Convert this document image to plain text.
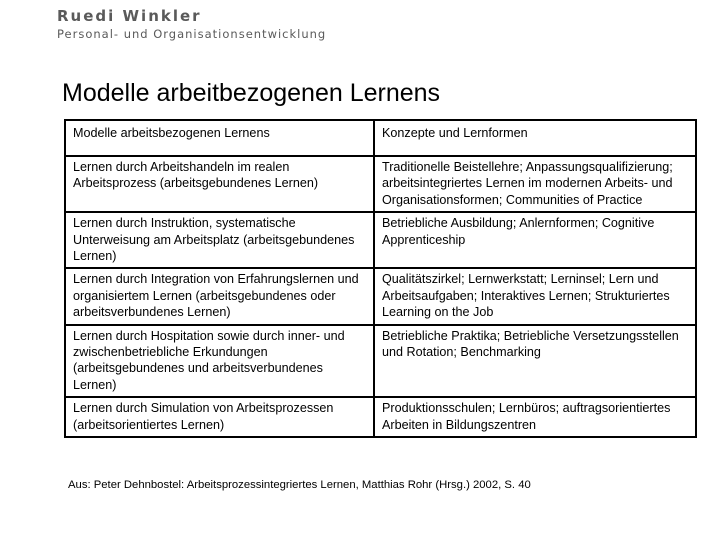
Ruedi Winkler
Personal- und Organisationsentwicklung
Modelle arbeitbezogenen Lernens
Modelle arbeitsbezogenen Lernens	Konzepte und Lernformen
Lernen durch Arbeitshandeln im realen Arbeitsprozess (arbeitsgebundenes Lernen)	Traditionelle Beistellehre; Anpassungsqualifizierung; arbeitsintegriertes Lernen im modernen Arbeits- und Organisationsformen; Communities of Practice
Lernen durch Instruktion, systematische Unterweisung am Arbeitsplatz (arbeitsgebundenes Lernen)	Betriebliche Ausbildung; Anlernformen; Cognitive Apprenticeship
Lernen durch Integration von Erfahrungslernen und organisiertem Lernen (arbeitsgebundenes oder arbeitsverbundenes Lernen)	Qualitätszirkel; Lernwerkstatt; Lerninsel; Lern und Arbeitsaufgaben; Interaktives Lernen; Strukturiertes Learning on the Job
Lernen durch Hospitation sowie durch inner- und zwischenbetriebliche Erkundungen (arbeitsgebundenes und arbeitsverbundenes Lernen)	Betriebliche Praktika; Betriebliche Versetzungsstellen und Rotation; Benchmarking
Lernen durch Simulation von Arbeitsprozessen (arbeitsorientiertes Lernen)	Produktionsschulen; Lernbüros; auftragsorientiertes Arbeiten in Bildungszentren
Aus: Peter Dehnbostel: Arbeitsprozessintegriertes Lernen, Matthias Rohr (Hrsg.) 2002, S. 40
